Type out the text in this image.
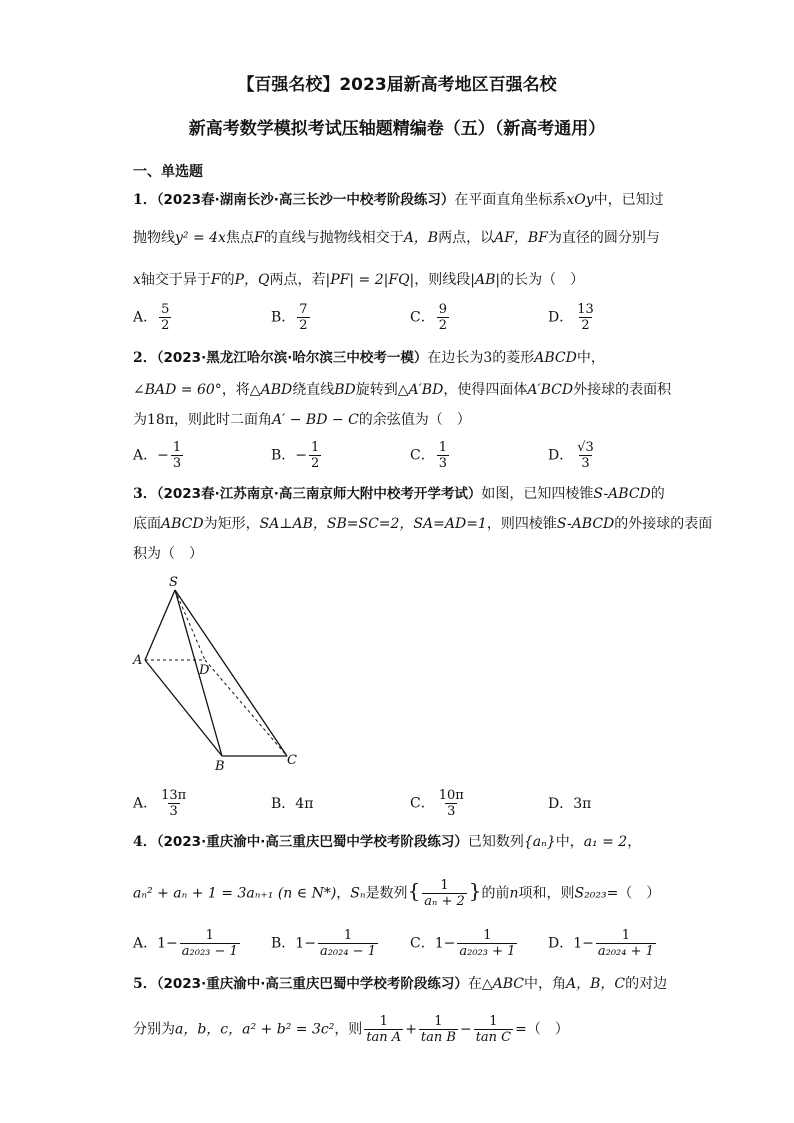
【百强名校】2023届新高考地区百强名校
新高考数学模拟考试压轴题精编卷（五）（新高考通用）
一、单选题
1．（2023春·湖南长沙·高三长沙一中校考阶段练习）在平面直角坐标系xOy中，已知过
抛物线y² = 4x焦点F的直线与抛物线相交于A，B两点，以AF，BF为直径的圆分别与
x轴交于异于F的P，Q两点，若|PF| = 2|FQ|，则线段|AB|的长为（　）
A． $\frac{5}{2}$	B． $\frac{7}{2}$	C． $\frac{9}{2}$	D． $\frac{13}{2}$
2．（2023·黑龙江哈尔滨·哈尔滨三中校考一模）在边长为3的菱形ABCD中，
∠BAD = 60°，将△ABD绕直线BD旋转到△A′BD，使得四面体A′BCD外接球的表面积
为18π，则此时二面角A′ − BD − C的余弦值为（　）
A．− $\frac{1}{3}$	B．− $\frac{1}{2}$	C． $\frac{1}{3}$	D． $\frac{√3}{3}$
3．（2023春·江苏南京·高三南京师大附中校考开学考试）如图，已知四棱锥S-ABCD的
底面ABCD为矩形，SA⊥AB，SB=SC=2，SA=AD=1，则四棱锥S-ABCD的外接球的表面
积为（　）
S
A
D
B	C
A． $\frac{13\pi}{3}$	B．4π	C． $\frac{10\pi}{3}$	D．3π
4．（2023·重庆渝中·高三重庆巴蜀中学校考阶段练习）已知数列{aₙ}中，a₁ = 2，
aₙ² + aₙ + 1 = 3aₙ₊₁ (n ∈ N*)，Sₙ是数列{ $\frac{1}{\text{aₙ + 2}}$ }的前n项和，则S₂₀₂₃=（　）
A．$1- \frac{1}{\text{a₂₀₂₃ − 1}}$ B．$1- \frac{1}{\text{a₂₀₂₄ − 1}}$ C．$1- \frac{1}{\text{a₂₀₂₃ + 1}}$ D．$1- \frac{1}{\text{a₂₀₂₄ + 1}}$
5．（2023·重庆渝中·高三重庆巴蜀中学校考阶段练习）在△ABC中，角A，B，C的对边
分别为a，b，c，a² + b² = 3c²，则 $\frac{1}{\text{tan A}} + \frac{1}{\text{tan B}} - \frac{1}{\text{tan C}}$ =（　）
